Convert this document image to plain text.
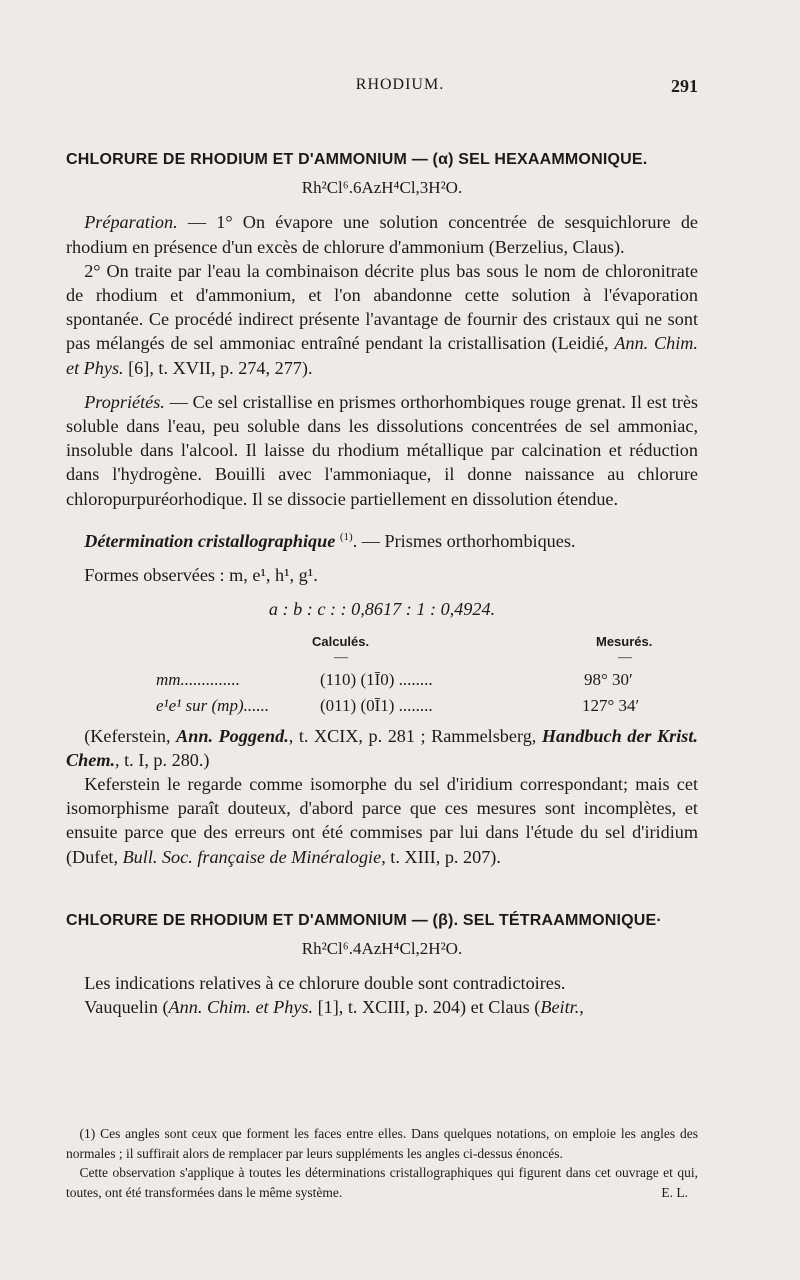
RHODIUM.	291
CHLORURE DE RHODIUM ET D'AMMONIUM — (α) SEL HEXAAMMONIQUE.
Rh²Cl⁶.6AzH⁴Cl,3H²O.

 Préparation. — 1° On évapore une solution concentrée de sesquichlorure de rhodium en présence d'un excès de chlorure d'ammonium (Berzelius, Claus).

 2° On traite par l'eau la combinaison décrite plus bas sous le nom de chloronitrate de rhodium et d'ammonium, et l'on abandonne cette solution à l'évaporation spontanée. Ce procédé indirect présente l'avantage de fournir des cristaux qui ne sont pas mélangés de sel ammoniac entraîné pendant la cristallisation (Leidié, Ann. Chim. et Phys. [6], t. XVII, p. 274, 277).

 Propriétés. — Ce sel cristallise en prismes orthorhombiques rouge grenat. Il est très soluble dans l'eau, peu soluble dans les dissolutions concentrées de sel ammoniac, insoluble dans l'alcool. Il laisse du rhodium métallique par calcination et réduction dans l'hydrogène. Bouilli avec l'ammoniaque, il donne naissance au chlorure chloropurpuréorhodique. Il se dissocie partiellement en dissolution étendue.

 Détermination cristallographique $^{(1)}$. — Prismes orthorhombiques.

 Formes observées : m, e¹, h¹, g¹.

a : b : c : : 0,8617 : 1 : 0,4924.
Calculés.	Mesurés.
—	—
mm..............	(110) (1Ī0) ........	98° 30′
e¹e¹ sur (mp)......	(011) (0Ī1) ........	127° 34′

 (Keferstein, Ann. Poggend., t. XCIX, p. 281 ; Rammelsberg, Handbuch der Krist. Chem., t. I, p. 280.)

 Keferstein le regarde comme isomorphe du sel d'iridium correspondant; mais cet isomorphisme paraît douteux, d'abord parce que ces mesures sont incomplètes, et ensuite parce que des erreurs ont été commises par lui dans l'étude du sel d'iridium (Dufet, Bull. Soc. française de Minéralogie, t. XIII, p. 207).

CHLORURE DE RHODIUM ET D'AMMONIUM — (β). SEL TÉTRAAMMONIQUE·
Rh²Cl⁶.4AzH⁴Cl,2H²O.

 Les indications relatives à ce chlorure double sont contradictoires.

 Vauquelin (Ann. Chim. et Phys. [1], t. XCIII, p. 204) et Claus (Beitr.,

 (1) Ces angles sont ceux que forment les faces entre elles. Dans quelques notations, on emploie les angles des normales ; il suffirait alors de remplacer par leurs suppléments les angles ci-dessus énoncés.

 Cette observation s'applique à toutes les déterminations cristallographiques qui figurent dans cet ouvrage et qui, toutes, ont été transformées dans le même système.	E. L.
